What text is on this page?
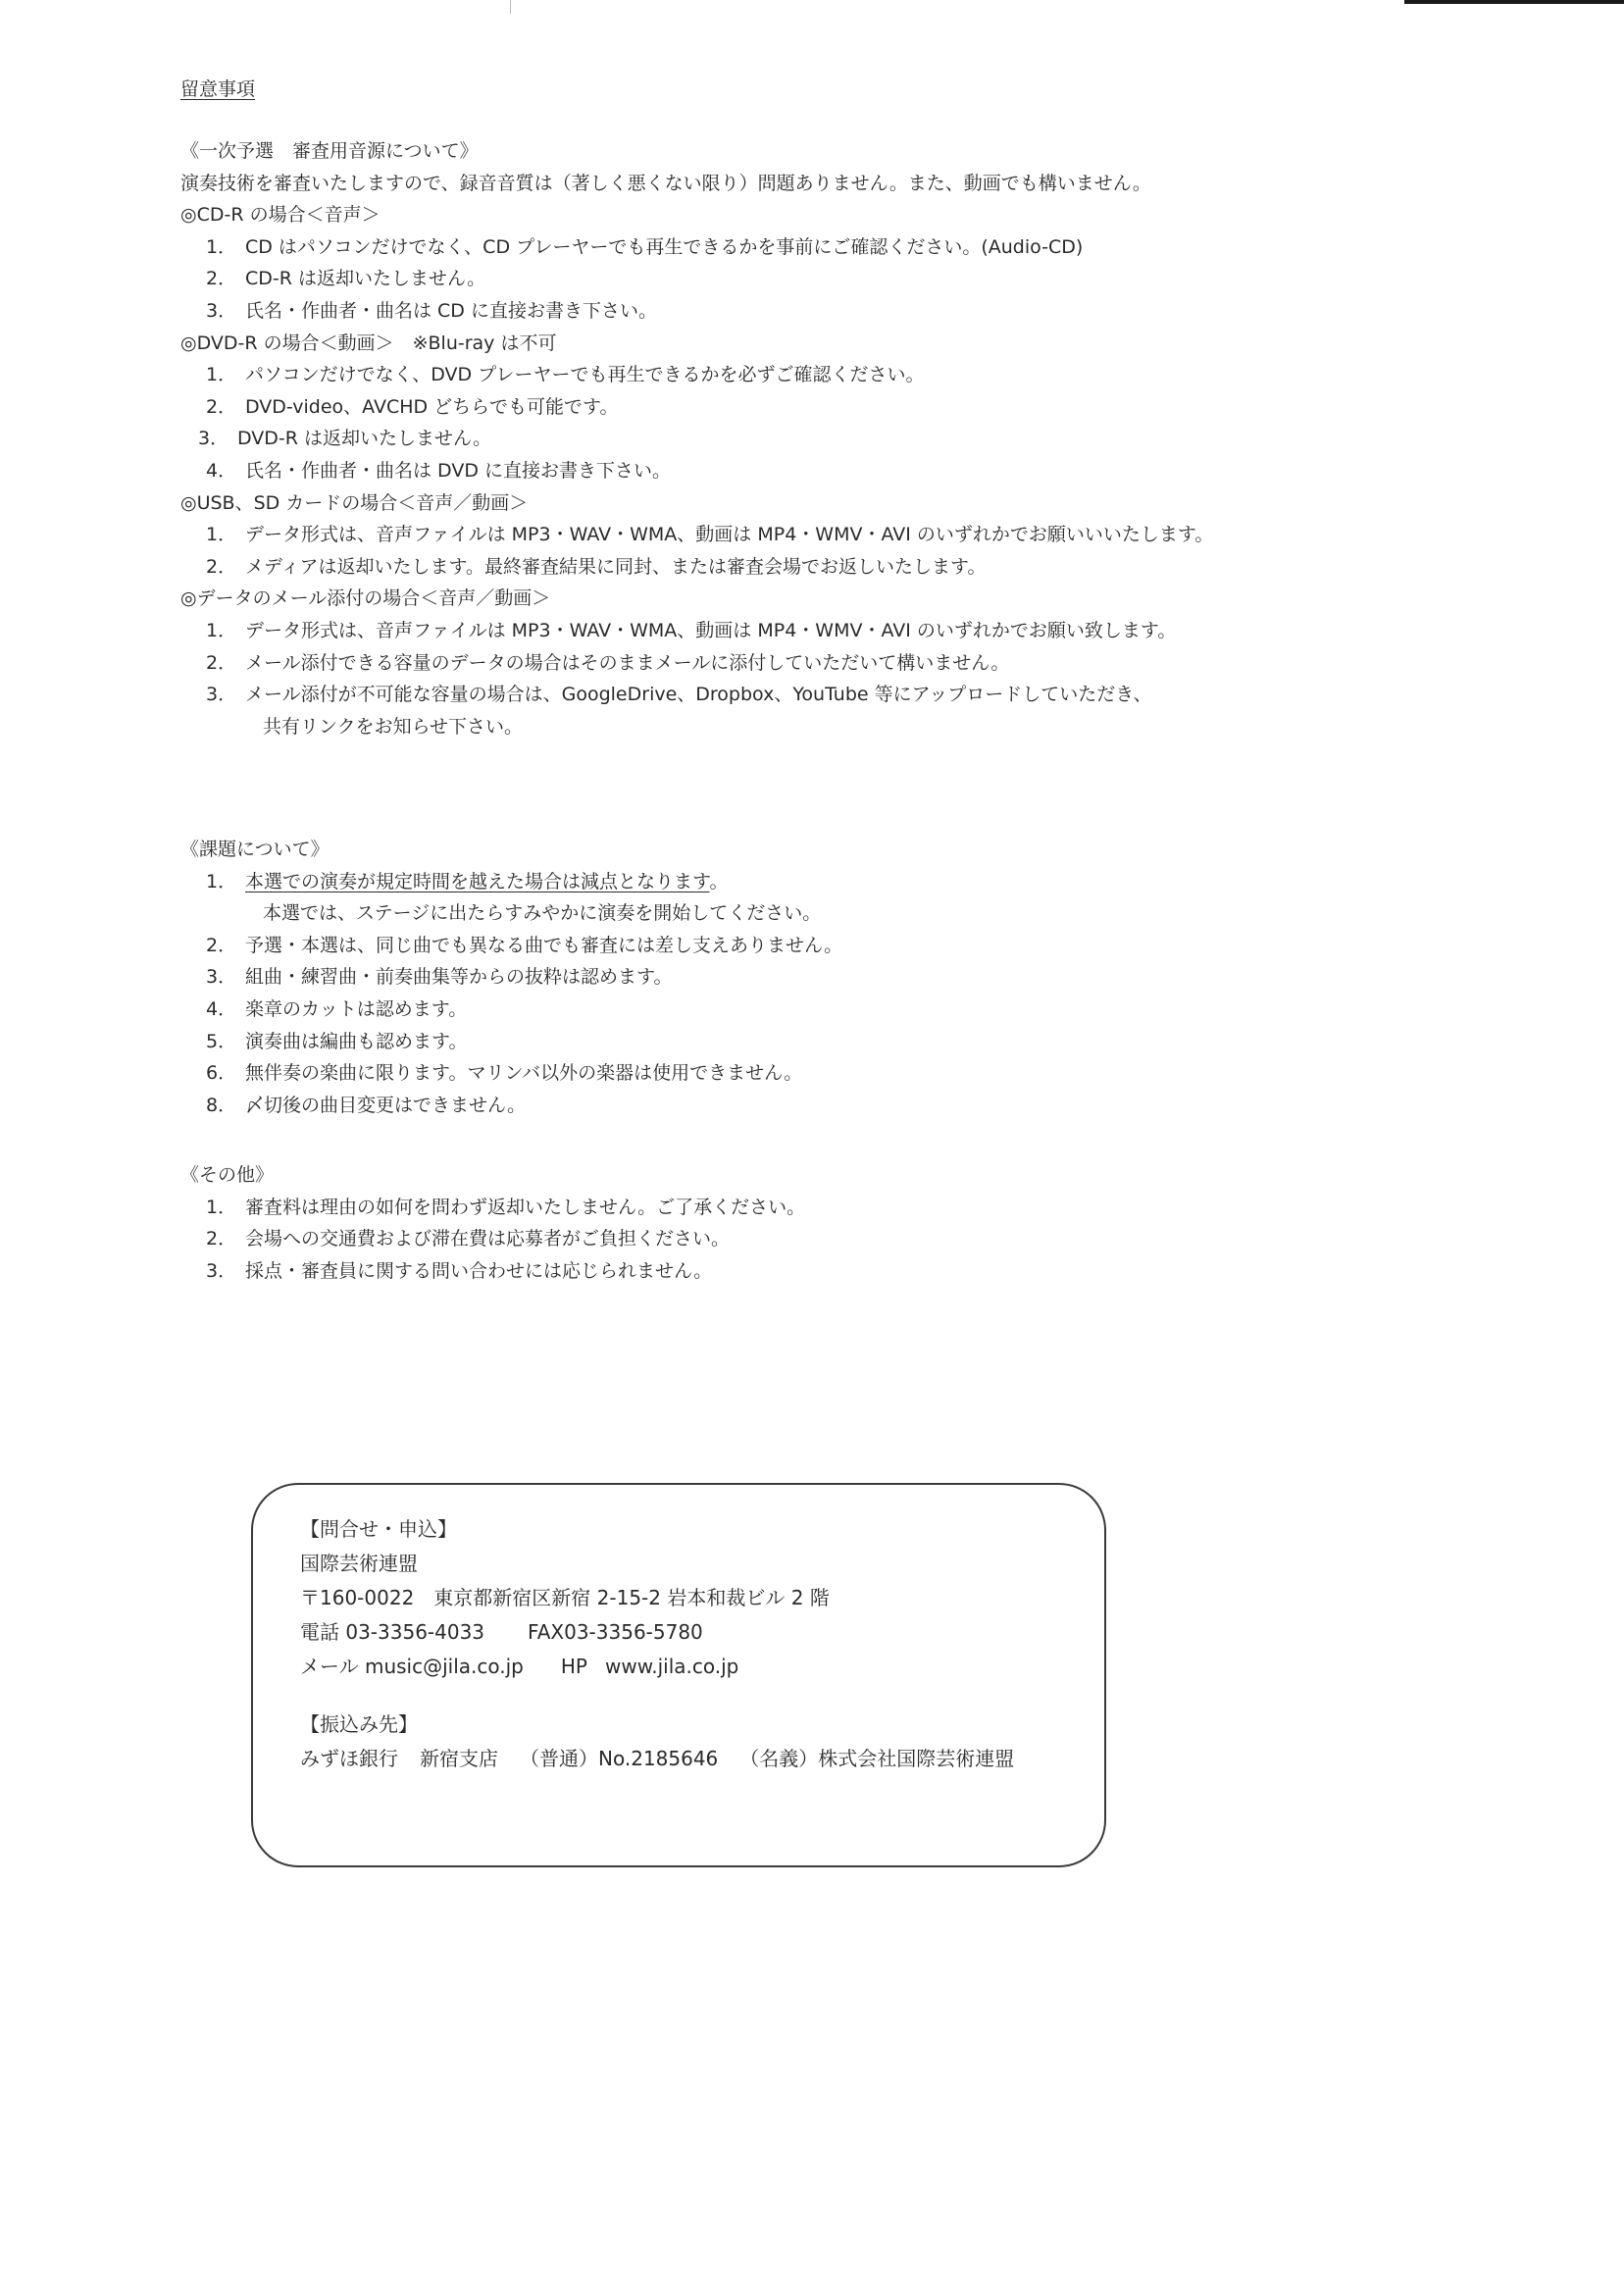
留意事項
《一次予選　審査用音源について》
演奏技術を審査いたしますので、録音音質は（著しく悪くない限り）問題ありません。また、動画でも構いません。
◎CD-R の場合＜音声＞
1． CD はパソコンだけでなく、CD プレーヤーでも再生できるかを事前にご確認ください。(Audio-CD)
2． CD-R は返却いたしません。
3． 氏名・作曲者・曲名は CD に直接お書き下さい。
◎DVD-R の場合＜動画＞　※Blu-ray は不可
1． パソコンだけでなく、DVD プレーヤーでも再生できるかを必ずご確認ください。
2． DVD-video、AVCHD どちらでも可能です。
3． DVD-R は返却いたしません。
4． 氏名・作曲者・曲名は DVD に直接お書き下さい。
◎USB、SD カードの場合＜音声／動画＞
1． データ形式は、音声ファイルは MP3・WAV・WMA、動画は MP4・WMV・AVI のいずれかでお願いいいたします。
2． メディアは返却いたします。最終審査結果に同封、または審査会場でお返しいたします。
◎データのメール添付の場合＜音声／動画＞
1． データ形式は、音声ファイルは MP3・WAV・WMA、動画は MP4・WMV・AVI のいずれかでお願い致します。
2． メール添付できる容量のデータの場合はそのままメールに添付していただいて構いません。
3． メール添付が不可能な容量の場合は、GoogleDrive、Dropbox、YouTube 等にアップロードしていただき、
共有リンクをお知らせ下さい。
《課題について》
1． 本選での演奏が規定時間を越えた場合は減点となります。
本選では、ステージに出たらすみやかに演奏を開始してください。
2． 予選・本選は、同じ曲でも異なる曲でも審査には差し支えありません。
3． 組曲・練習曲・前奏曲集等からの抜粋は認めます。
4． 楽章のカットは認めます。
5． 演奏曲は編曲も認めます。
6． 無伴奏の楽曲に限ります。マリンバ以外の楽器は使用できません。
8． 〆切後の曲目変更はできません。
《その他》
1． 審査料は理由の如何を問わず返却いたしません。ご了承ください。
2． 会場への交通費および滞在費は応募者がご負担ください。
3． 採点・審査員に関する問い合わせには応じられません。
【問合せ・申込】
国際芸術連盟
〒160-0022 東京都新宿区新宿 2-15-2 岩本和裁ビル 2 階
電話 03-3356-4033 FAX03-3356-5780
メール music@jila.co.jp HP www.jila.co.jp
【振込み先】
みずほ銀行 新宿支店 （普通）No.2185646 （名義）株式会社国際芸術連盟
